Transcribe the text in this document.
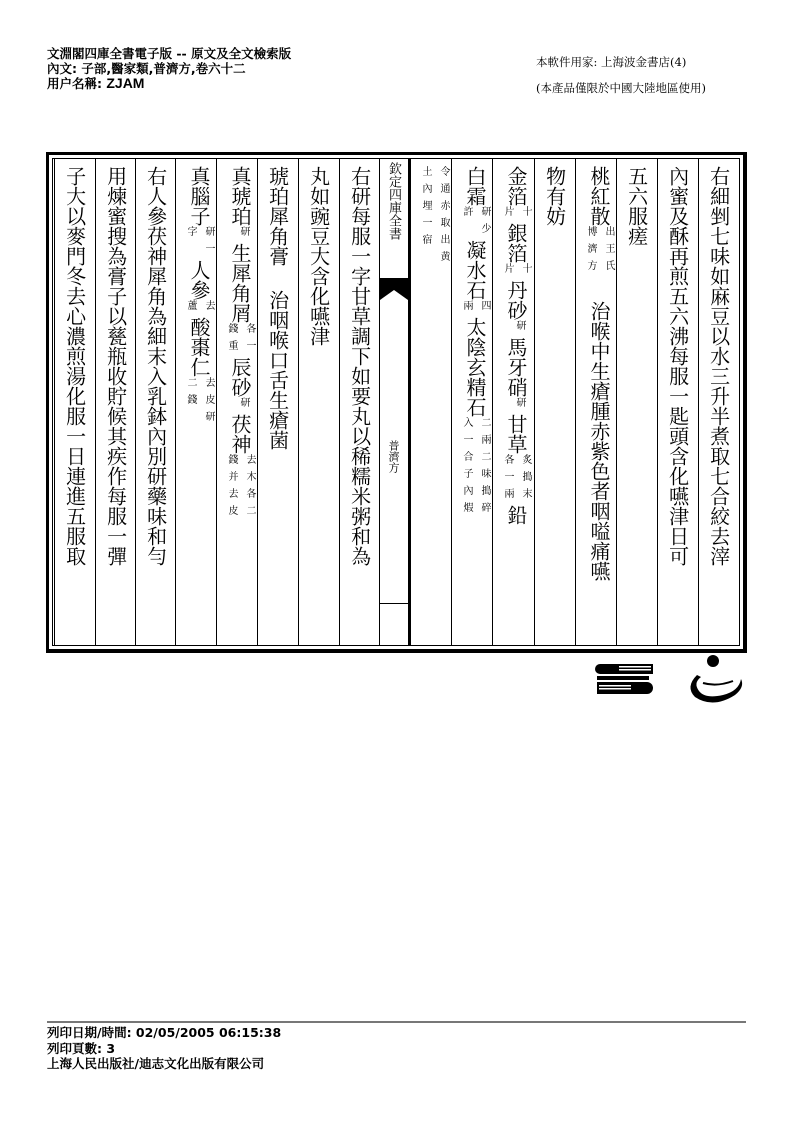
文淵閣四庫全書電子版 -- 原文及全文檢索版
內文: 子部,醫家類,普濟方,卷六十二
用户名稱: ZJAM
本軟件用家: 上海波金書店(4)
(本產品僅限於中國大陸地區使用)
右細剉七味如麻豆以水三升半煮取七合絞去滓
內蜜及酥再煎五六沸每服一匙頭含化嚥津日可
五六服瘥
桃紅散
出王氏
博濟方
治喉中生瘡腫赤紫色者咽嗌痛嚥
物有妨
金箔
十
片
銀箔
十
片
丹砂
研
馬牙硝
研
甘草
炙搗末
各一兩
鉛
白霜
研少
許
凝水石
四
兩
太陰玄精石
二兩二味搗碎
入一合子內煆
令通赤取出黄
土內埋一宿
右研每服一字甘草調下如要丸以稀糯米粥和為
丸如豌豆大含化嚥津
琥珀犀角膏 治咽喉口舌生瘡菌
真琥珀
研
生犀角屑
各一
錢重
辰砂
研
茯神
去木各二
錢并去皮
真腦子
研一
字
人參
去
蘆
酸棗仁
去皮研
二錢
右人參茯神犀角為細末入乳鉢內別研藥味和勻
用煉蜜搜為膏子以甆瓶收貯候其疾作每服一彈
子大以麥門冬去心濃煎湯化服一日連進五服取	欽定四庫全書
普濟方
列印日期/時間: 02/05/2005 06:15:38
列印頁數: 3
上海人民出版社/迪志文化出版有限公司
